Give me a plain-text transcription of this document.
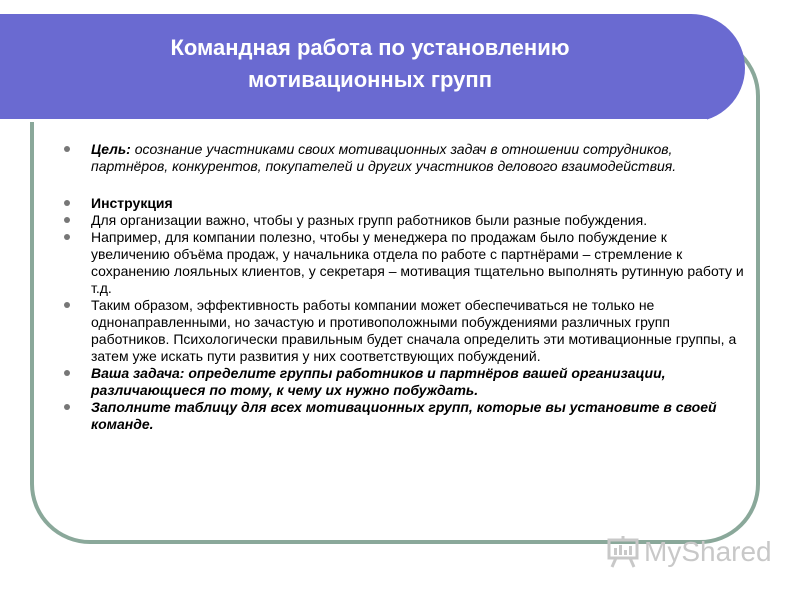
Командная работа по установлению
мотивационных групп
Цель: осознание участниками своих мотивационных задач в отношении сотрудников, партнёров, конкурентов, покупателей и других участников делового взаимодействия.
Инструкция
Для организации важно, чтобы у разных групп работников были разные побуждения.
Например, для компании полезно, чтобы у менеджера по продажам было побуждение к увеличению объёма продаж, у начальника отдела по работе с партнёрами – стремление к сохранению лояльных клиентов, у секретаря – мотивация тщательно выполнять рутинную работу и т.д.
Таким образом, эффективность работы компании может обеспечиваться не только не однонаправленными, но зачастую и противоположными побуждениями различных групп работников. Психологически правильным будет сначала определить эти мотивационные группы, а затем уже искать пути развития у них соответствующих побуждений.
Ваша задача: определите группы работников и партнёров вашей организации, различающиеся по тому, к чему их нужно побуждать.
Заполните таблицу для всех мотивационных групп, которые вы установите в своей команде.
MyShared
